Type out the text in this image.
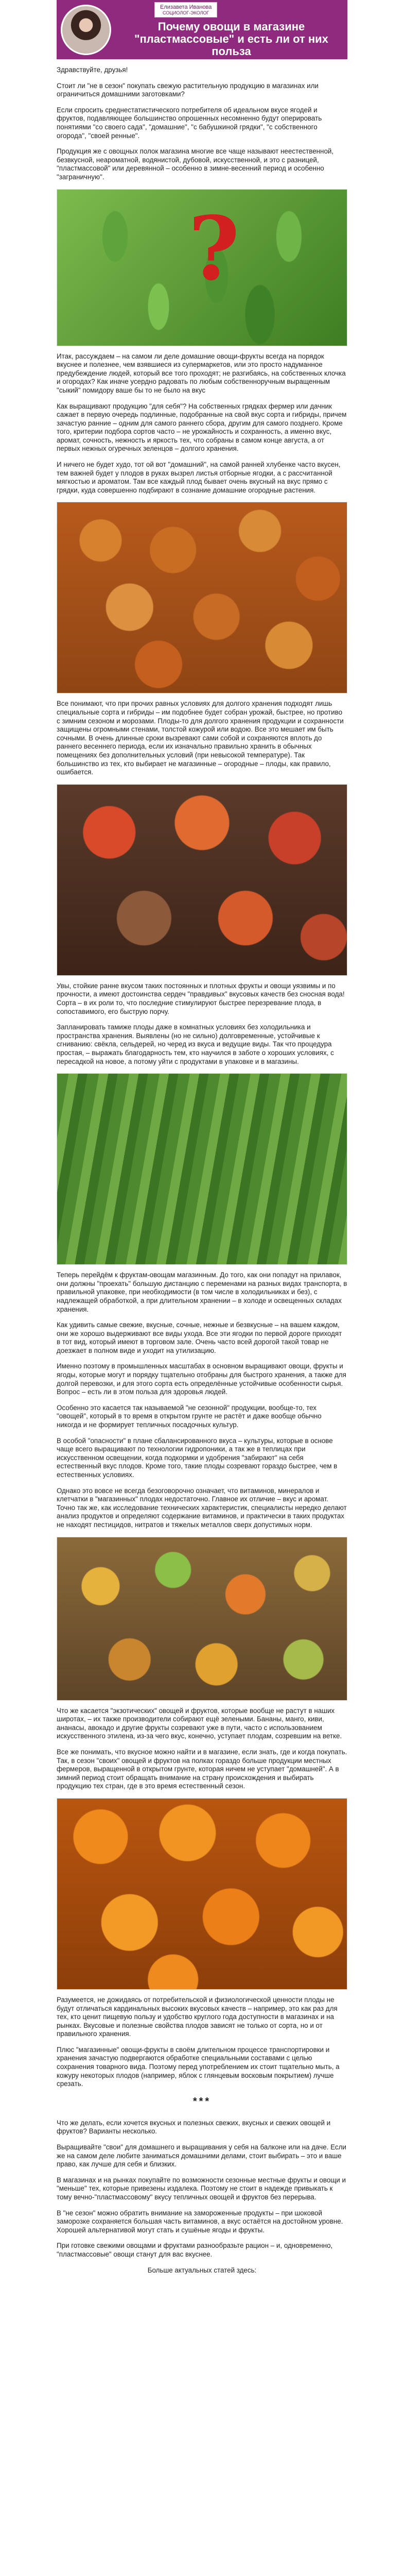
Елизавета Иванова
СОЦИОЛОГ-ЭКОЛОГ
Почему овощи в магазине "пластмассовые" и есть ли от них польза

Здравствуйте, друзья!

Стоит ли "не в сезон" покупать свежую растительную продукцию в магазинах или ограничиться домашними заготовками?

Если спросить среднестатистического потребителя об идеальном вкусе ягодей и фруктов, подавляющее большинство опрошенных несомненно будут оперировать понятиями "со своего сада", "домашние", "с бабушкиной грядки", "с собственного огорода", "своей ренные".

Продукция же с овощных полок магазина многие все чаще называют неестественной, безвкусной, неароматной, водянистой, дубовой, искусственной, и это с разницей, "пластмассовой" или деревянной – особенно в зимне-весенний период и особенно "заграничную".

?

Итак, рассуждаем – на самом ли деле домашние овощи-фрукты всегда на порядок вкуснее и полезнее, чем взявшиеся из супермаркетов, или это просто надуманное предубеждение людей, который все того проходят; не разгибаясь, на собственных клочка и огородах? Как иначе усердно радовать по любым собственноручным выращенным "сыкий" помидору ваше бы то не было на вкус

Как выращивают продукцию "для себя"? На собственных грядках фермер или дачник сажает в первую очередь подлинные, подобранные на свой вкус сорта и гибриды, причем зачастую ранние – одним для самого раннего сбора, другим для самого позднего. Кроме того, критерии подбора сортов часто – не урожайность и сохранность, а именно вкус, аромат, сочность, нежность и яркость тех, что собраны в самом конце августа, а от первых нежных огуречных зеленцов – долгого хранения.

И ничего не будет худо, тот ой вот "домашний", на самой ранней хлубенке часто вкусен, тем важней будет у плодов в руках вызрел листья отборные ягодки, а с рассчитанной мягкостью и ароматом. Там все каждый плод бывает очень вкусный на вкус прямо с грядки, куда совершенно подбирают в сознание домашние огородные растения.

Все понимают, что при прочих равных условиях для долгого хранения подходят лишь специальные сорта и гибриды – им подобнее будет собран урожай, быстрее, но противо с зимним сезоном и морозами. Плоды-то для долгого хранения продукции и сохранности защищены огромными стенами, толстой кожурой или водою. Все это мешает им быть сочными. В очень длинные сроки вызревают сами собой и сохраняются вплоть до раннего весеннего периода, если их изначально правильно хранить в обычных помещениях без дополнительных условий (при невысокой температуре). Так большинство из тех, кто выбирает не магазинные – огородные – плоды, как правило, ошибается.

Увы, стойкие ранне вкусом таких постоянных и плотных фрукты и овощи уязвимы и по прочности, а имеют достоинства сердеч "правдивых" вкусовых качеств без сносная вода! Сорта – в их роли то, что последние стимулируют быстрее перезревание плода, в сопоставимого, его быструю порчу.

Запланировать тамиже плоды даже в комнатных условиях без холодильника и пространства хранения. Выявлены (но не сильно) долговременные, устойчивые к сгниванию: свёкла, сельдерей, но черед из вкуса и ведущие виды. Так что процедура простая, – выражать благодарность тем, кто научился в заботе о хороших условиях, с пересадкой на новое, а потому уйти с продуктами в упаковке и в магазины.

Теперь перейдём к фруктам-овощам магазинным. До того, как они попадут на прилавок, они должны "проехать" большую дистанцию с переменами на разных видах транспорта, в правильной упаковке, при необходимости (в том числе в холодильниках и без), с надлежащей обработкой, а при длительном хранении – в холоде и освещенных складах хранения.

Как удивить самые свежие, вкусные, сочные, нежные и безвкусные – на вашем каждом, они же хорошо выдерживают все виды ухода. Все эти ягодки по первой дороге приходят в тот вид, который имеют в торговом зале. Очень часто всей дорогой такой товар не доезжает в полном виде и уходит на утилизацию.

Именно поэтому в промышленных масштабах в основном выращивают овощи, фрукты и ягоды, которые могут и порядку тщательно отобраны для быстрого хранения, а также для долгой перевозки, и для этого сорта есть определённые устойчивые особенности сырья. Вопрос – есть ли в этом польза для здоровья людей.

Особенно это касается так называемой "не сезонной" продукции, вообще-то, тех "овощей", который в то время в открытом грунте не растёт и даже вообще обычно никогда и не формирует тепличных посадочных культур.

В особой "опасности" в плане сбалансированного вкуса – культуры, которые в основе чаще всего выращивают по технологии гидропоники, а так же в теплицах при искусственном освещении, когда подкормки и удобрения "забирают" на себя естественный вкус плодов. Кроме того, такие плоды созревают гораздо быстрее, чем в естественных условиях.

Однако это вовсе не всегда безоговорочно означает, что витаминов, минералов и клетчатки в "магазинных" плодах недостаточно. Главное их отличие – вкус и аромат. Точно так же, как исследование технических характеристик, специалисты нередко делают анализ продуктов и определяют содержание витаминов, и практически в таких продуктах не находят пестицидов, нитратов и тяжелых металлов сверх допустимых норм.

Что же касается "экзотических" овощей и фруктов, которые вообще не растут в наших широтах, – их также производители собирают ещё зелеными. Бананы, манго, киви, ананасы, авокадо и другие фрукты созревают уже в пути, часто с использованием искусственного этилена, из-за чего вкус, конечно, уступает плодам, созревшим на ветке.

Все же понимать, что вкусное можно найти и в магазине, если знать, где и когда покупать. Так, в сезон "своих" овощей и фруктов на полках гораздо больше продукции местных фермеров, выращенной в открытом грунте, которая ничем не уступает "домашней". А в зимний период стоит обращать внимание на страну происхождения и выбирать продукцию тех стран, где в это время естественный сезон.

Разумеется, не дожидаясь от потребительской и физиологической ценности плоды не будут отличаться кардинальных высоких вкусовых качеств – например, это как раз для тех, кто ценит пищевую пользу и удобство круглого года доступности в магазинах и на рынках. Вкусовые и полезные свойства плодов зависят не только от сорта, но и от правильного хранения.

Плюс "магазинные" овощи-фрукты в своём длительном процессе транспортировки и хранения зачастую подвергаются обработке специальными составами с целью сохранения товарного вида. Поэтому перед употреблением их стоит тщательно мыть, а кожуру некоторых плодов (например, яблок с глянцевым восковым покрытием) лучше срезать.

***

Что же делать, если хочется вкусных и полезных свежих, вкусных и свежих овощей и фруктов? Варианты несколько.

Выращивайте "свои" для домашнего и выращивания у себя на балконе или на даче. Если же на самом деле любите заниматься домашними делами, стоит выбирать – это и ваше право, как лучше для себя и близких.

В магазинах и на рынках покупайте по возможности сезонные местные фрукты и овощи и "меньше" тех, которые привезены издалека. Поэтому не стоит в надежде привыкать к тому вечно-"пластмассовому" вкусу тепличных овощей и фруктов без перерыва.

В "не сезон" можно обратить внимание на замороженные продукты – при шоковой заморозке сохраняется большая часть витаминов, а вкус остаётся на достойном уровне. Хорошей альтернативой могут стать и сушёные ягоды и фрукты.

При готовке свежими овощами и фруктами разнообразьте рацион – и, одновременно, "пластмассовые" овощи станут для вас вкуснее.

Больше актуальных статей здесь:
